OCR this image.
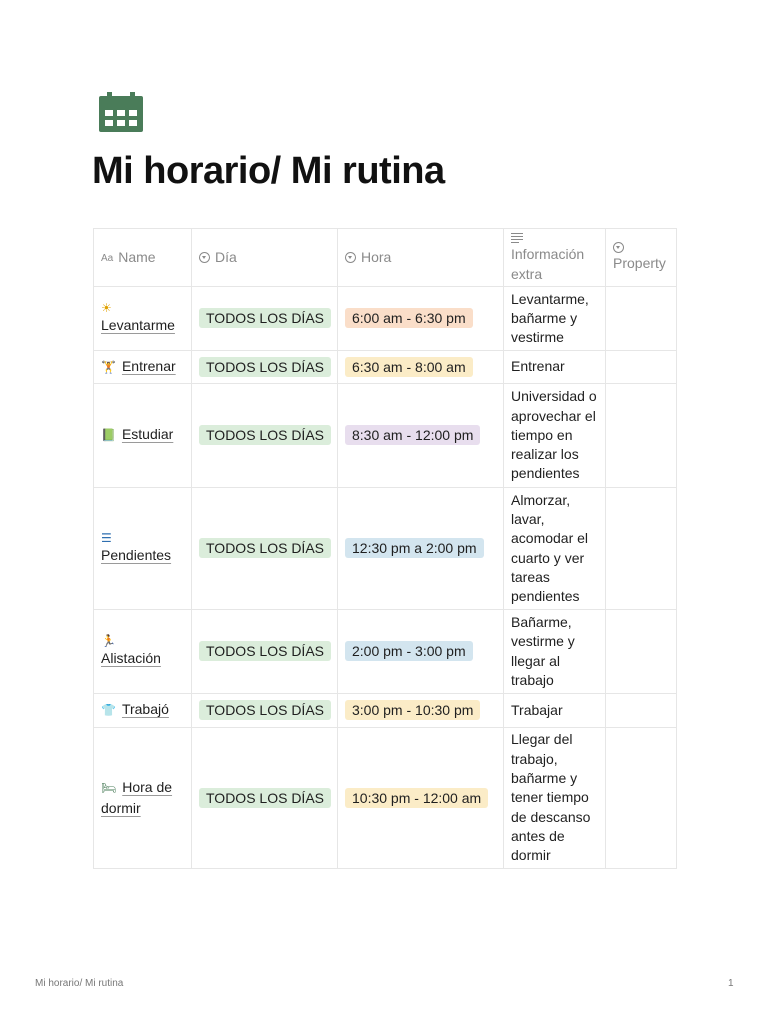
Mi horario/ Mi rutina
Aa Name	Día	Hora	Información extra	Property

☀
Levantarme	TODOS LOS DÍAS	6:00 am - 6:30 pm	Levantarme, bañarme y vestirme	
🏋 Entrenar	TODOS LOS DÍAS	6:30 am - 8:00 am	Entrenar	
📗 Estudiar	TODOS LOS DÍAS	8:30 am - 12:00 pm	Universidad o aprovechar el tiempo en realizar los pendientes	

☰
Pendientes	TODOS LOS DÍAS	12:30 pm a 2:00 pm	Almorzar, lavar, acomodar el cuarto y ver tareas pendientes	

🏃
Alistación	TODOS LOS DÍAS	2:00 pm - 3:00 pm	Bañarme, vestirme y llegar al trabajo	
👕 Trabajó	TODOS LOS DÍAS	3:00 pm - 10:30 pm	Trabajar	
🛏 Hora de dormir	TODOS LOS DÍAS	10:30 pm - 12:00 am	Llegar del trabajo, bañarme y tener tiempo de descanso antes de dormir	
Mi horario/ Mi rutina	1
